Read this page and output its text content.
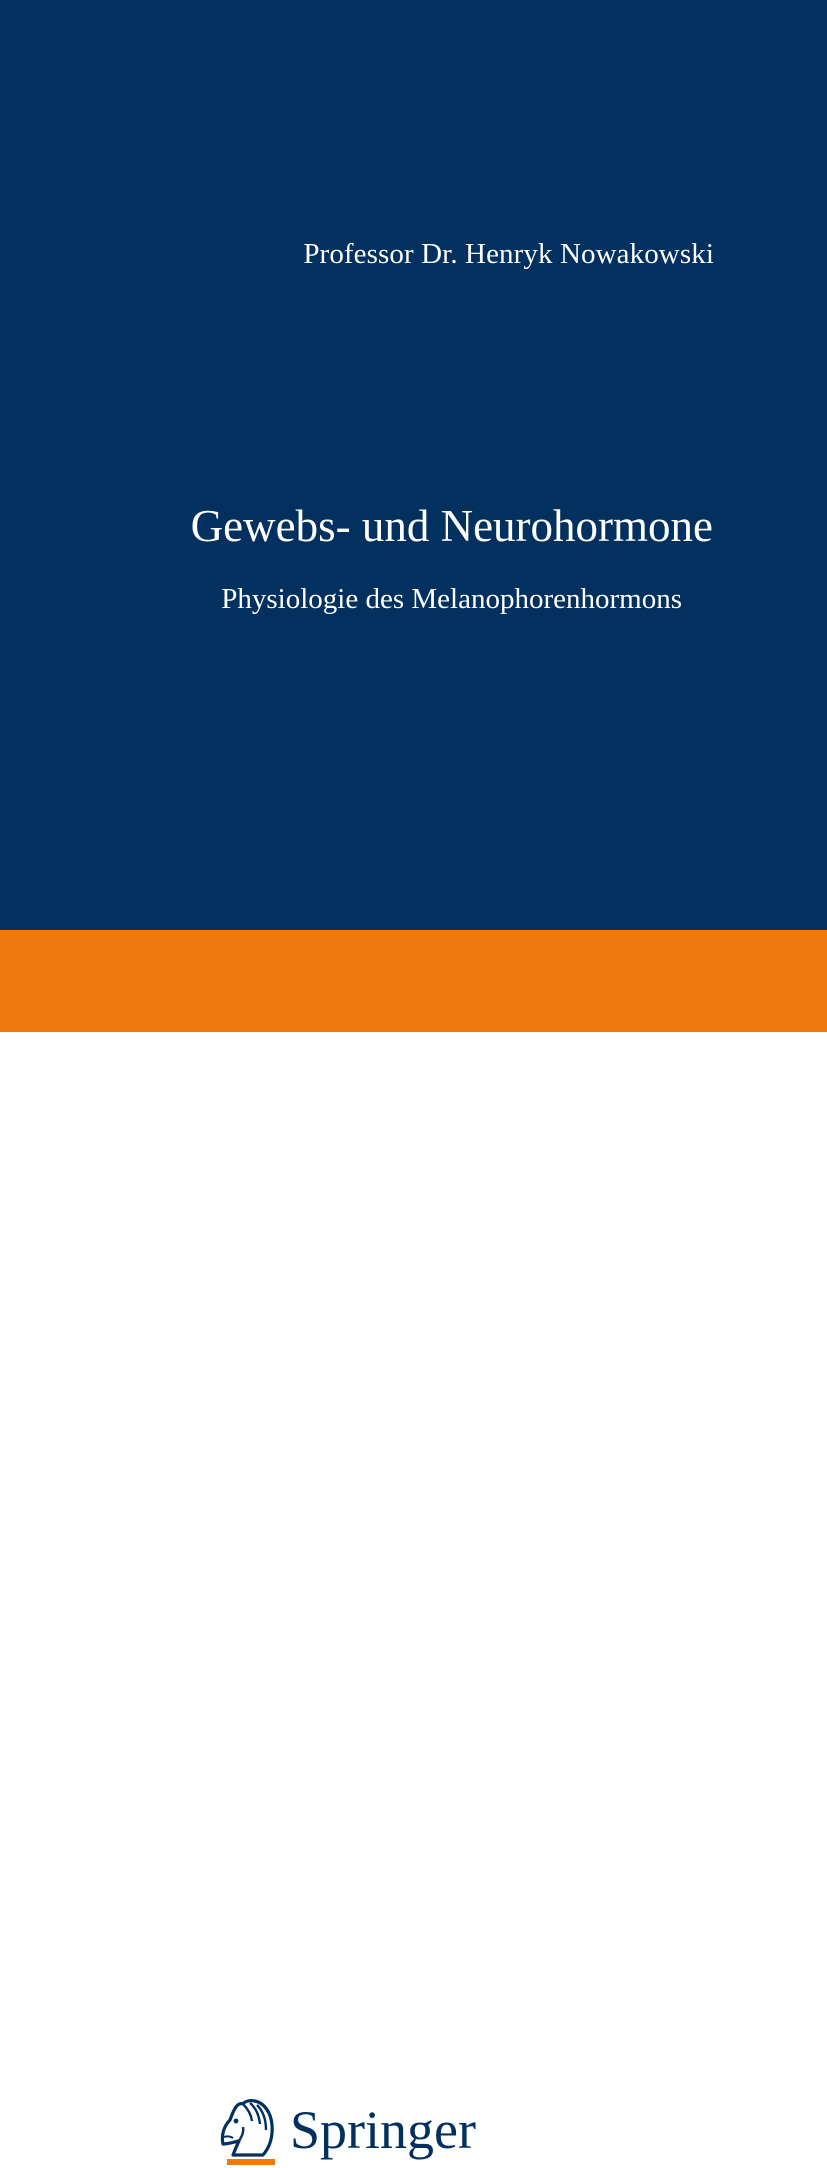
Professor Dr. Henryk Nowakowski
Gewebs- und Neurohormone
Physiologie des Melanophorenhormons
Springer
